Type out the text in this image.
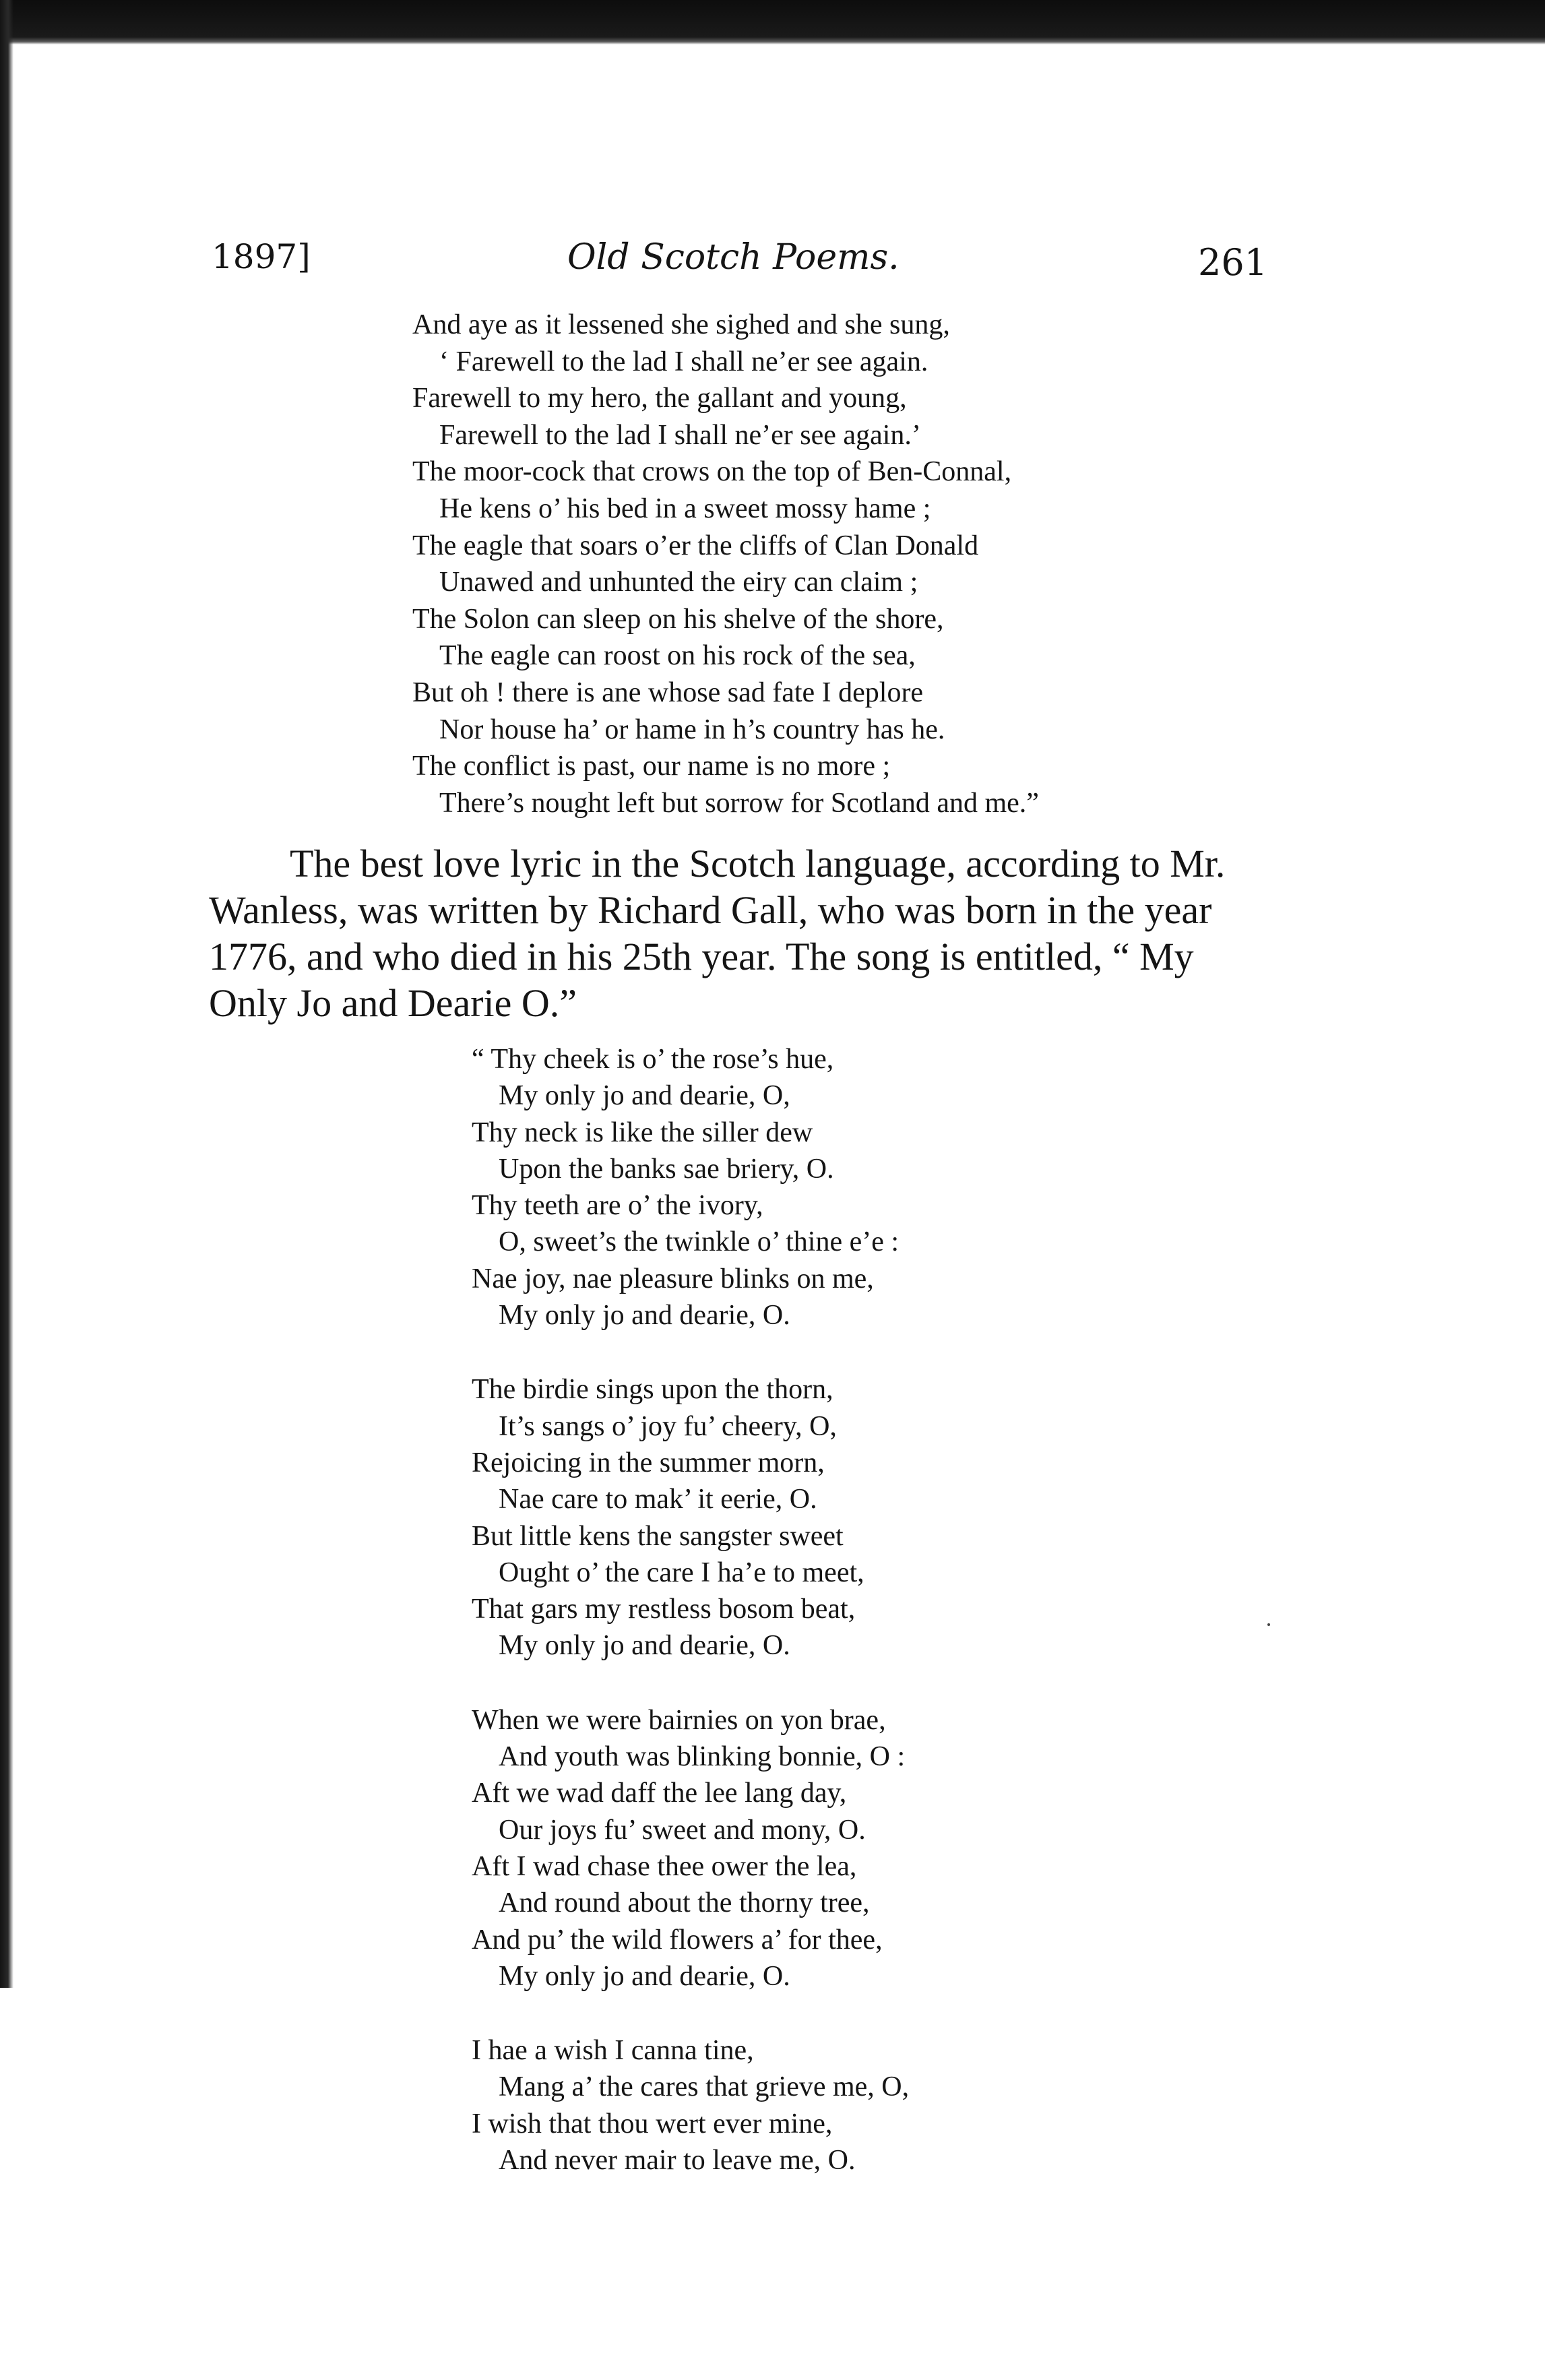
1897]	Old Scotch Poems.	261
And aye as it lessened she sighed and she sung,
‘ Farewell to the lad I shall ne’er see again.
Farewell to my hero, the gallant and young,
Farewell to the lad I shall ne’er see again.’
The moor-cock that crows on the top of Ben-Connal,
He kens o’ his bed in a sweet mossy hame ;
The eagle that soars o’er the cliffs of Clan Donald
Unawed and unhunted the eiry can claim ;
The Solon can sleep on his shelve of the shore,
The eagle can roost on his rock of the sea,
But oh ! there is ane whose sad fate I deplore
Nor house ha’ or hame in h’s country has he.
The conflict is past, our name is no more ;
There’s nought left but sorrow for Scotland and me.”
The best love lyric in the Scotch language, according to Mr.
Wanless, was written by Richard Gall, who was born in the year
1776, and who died in his 25th year. The song is entitled, “ My
Only Jo and Dearie O.”
“ Thy cheek is o’ the rose’s hue,
My only jo and dearie, O,
Thy neck is like the siller dew
Upon the banks sae briery, O.
Thy teeth are o’ the ivory,
O, sweet’s the twinkle o’ thine e’e :
Nae joy, nae pleasure blinks on me,
My only jo and dearie, O.
The birdie sings upon the thorn,
It’s sangs o’ joy fu’ cheery, O,
Rejoicing in the summer morn,
Nae care to mak’ it eerie, O.
But little kens the sangster sweet
Ought o’ the care I ha’e to meet,
That gars my restless bosom beat,
My only jo and dearie, O.
When we were bairnies on yon brae,
And youth was blinking bonnie, O :
Aft we wad daff the lee lang day,
Our joys fu’ sweet and mony, O.
Aft I wad chase thee ower the lea,
And round about the thorny tree,
And pu’ the wild flowers a’ for thee,
My only jo and dearie, O.
I hae a wish I canna tine,
Mang a’ the cares that grieve me, O,
I wish that thou wert ever mine,
And never mair to leave me, O.
